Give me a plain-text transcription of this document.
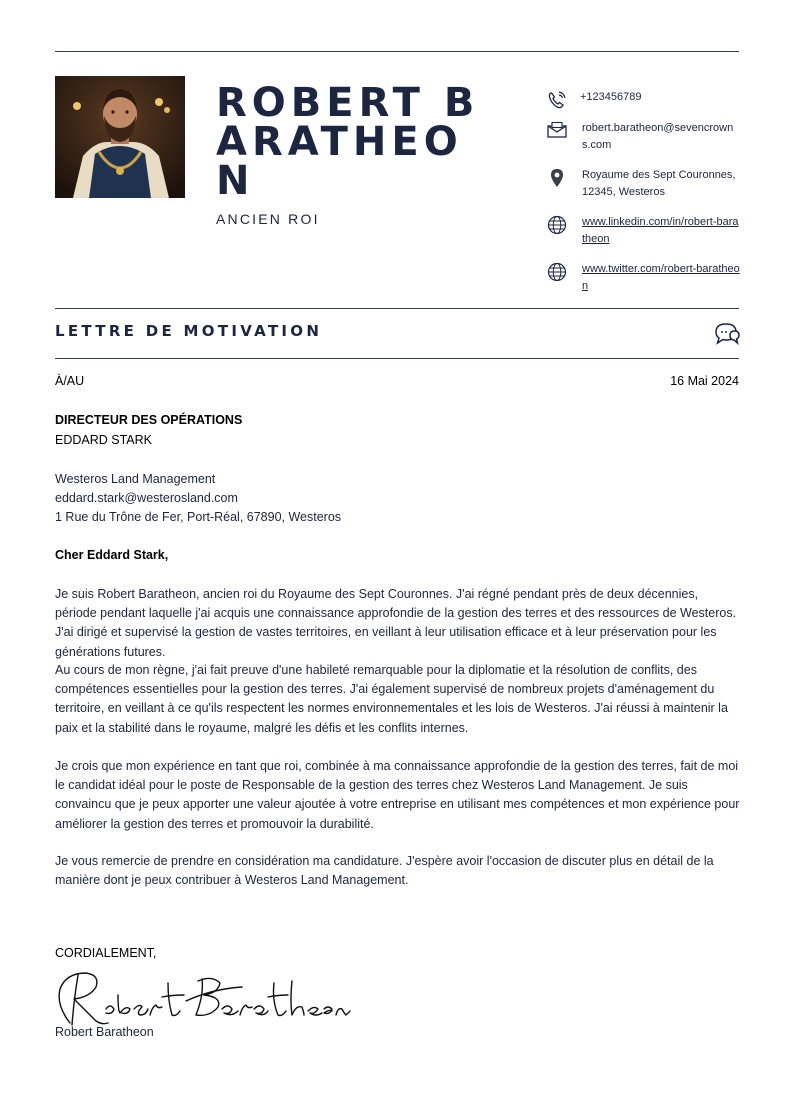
ROBERT BARATHEON
ANCIEN ROI
+123456789
robert.baratheon@sevencrowns.com
Royaume des Sept Couronnes, 12345, Westeros
www.linkedin.com/in/robert-baratheon
www.twitter.com/robert-baratheon
LETTRE DE MOTIVATION
À/AU	16 Mai 2024
DIRECTEUR DES OPÉRATIONS
EDDARD STARK
Westeros Land Management
eddard.stark@westerosland.com
1 Rue du Trône de Fer, Port-Réal, 67890, Westeros
Cher Eddard Stark,
Je suis Robert Baratheon, ancien roi du Royaume des Sept Couronnes. J'ai régné pendant près de deux décennies, période pendant laquelle j'ai acquis une connaissance approfondie de la gestion des terres et des ressources de Westeros. J'ai dirigé et supervisé la gestion de vastes territoires, en veillant à leur utilisation efficace et à leur préservation pour les générations futures.
Au cours de mon règne, j'ai fait preuve d'une habileté remarquable pour la diplomatie et la résolution de conflits, des compétences essentielles pour la gestion des terres. J'ai également supervisé de nombreux projets d'aménagement du territoire, en veillant à ce qu'ils respectent les normes environnementales et les lois de Westeros. J'ai réussi à maintenir la paix et la stabilité dans le royaume, malgré les défis et les conflits internes.
Je crois que mon expérience en tant que roi, combinée à ma connaissance approfondie de la gestion des terres, fait de moi le candidat idéal pour le poste de Responsable de la gestion des terres chez Westeros Land Management. Je suis convaincu que je peux apporter une valeur ajoutée à votre entreprise en utilisant mes compétences et mon expérience pour améliorer la gestion des terres et promouvoir la durabilité.
Je vous remercie de prendre en considération ma candidature. J'espère avoir l'occasion de discuter plus en détail de la manière dont je peux contribuer à Westeros Land Management.
CORDIALEMENT,
Robert Baratheon
